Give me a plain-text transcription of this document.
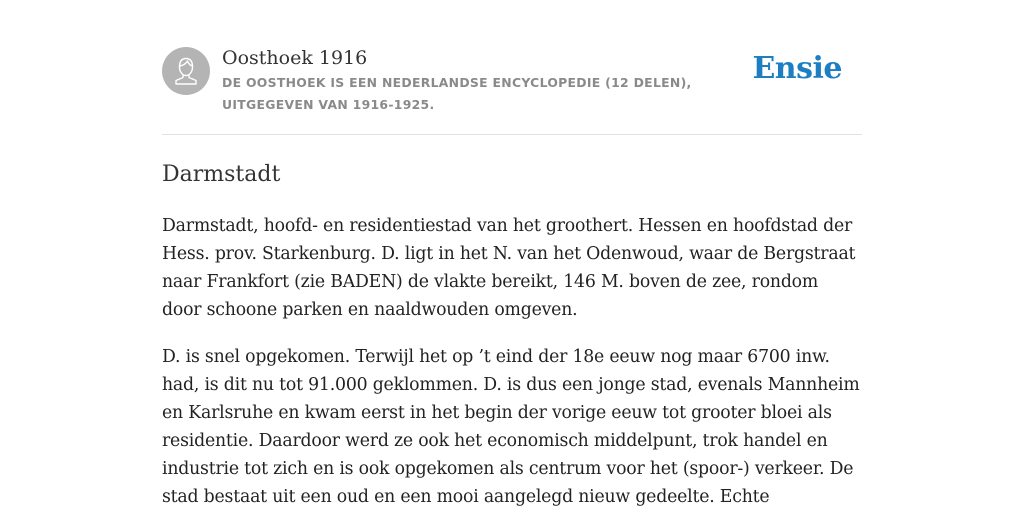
Oosthoek 1916
DE OOSTHOEK IS EEN NEDERLANDSE ENCYCLOPEDIE (12 DELEN), UITGEGEVEN VAN 1916-1925.
Ensie
Darmstadt

Darmstadt, hoofd- en residentiestad van het groothert. Hessen en hoofdstad der Hess. prov. Starkenburg. D. ligt in het N. van het Odenwoud, waar de Bergstraat naar Frankfort (zie BADEN) de vlakte bereikt, 146 M. boven de zee, rondom door schoone parken en naaldwouden omgeven.

D. is snel opgekomen. Terwijl het op ’t eind der 18e eeuw nog maar 6700 inw. had, is dit nu tot 91.000 geklommen. D. is dus een jonge stad, evenals Mannheim en Karlsruhe en kwam eerst in het begin der vorige eeuw tot grooter bloei als residentie. Daardoor werd ze ook het economisch middelpunt, trok handel en industrie tot zich en is ook opgekomen als centrum voor het (spoor-) verkeer. De stad bestaat uit een oud en een mooi aangelegd nieuw gedeelte. Echte
